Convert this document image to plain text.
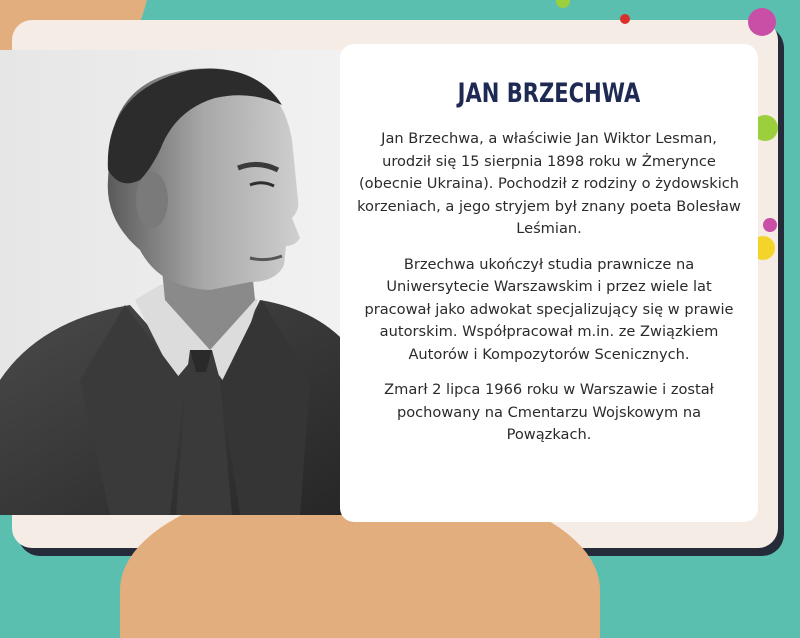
JAN BRZECHWA

Jan Brzechwa, a właściwie Jan Wiktor Lesman, urodził się 15 sierpnia 1898 roku w Żmerynce (obecnie Ukraina). Pochodził z rodziny o żydowskich korzeniach, a jego stryjem był znany poeta Bolesław Leśmian.

Brzechwa ukończył studia prawnicze na Uniwersytecie Warszawskim i przez wiele lat pracował jako adwokat specjalizujący się w prawie autorskim. Współpracował m.in. ze Związkiem Autorów i Kompozytorów Scenicznych.

Zmarł 2 lipca 1966 roku w Warszawie i został pochowany na Cmentarzu Wojskowym na Powązkach.
